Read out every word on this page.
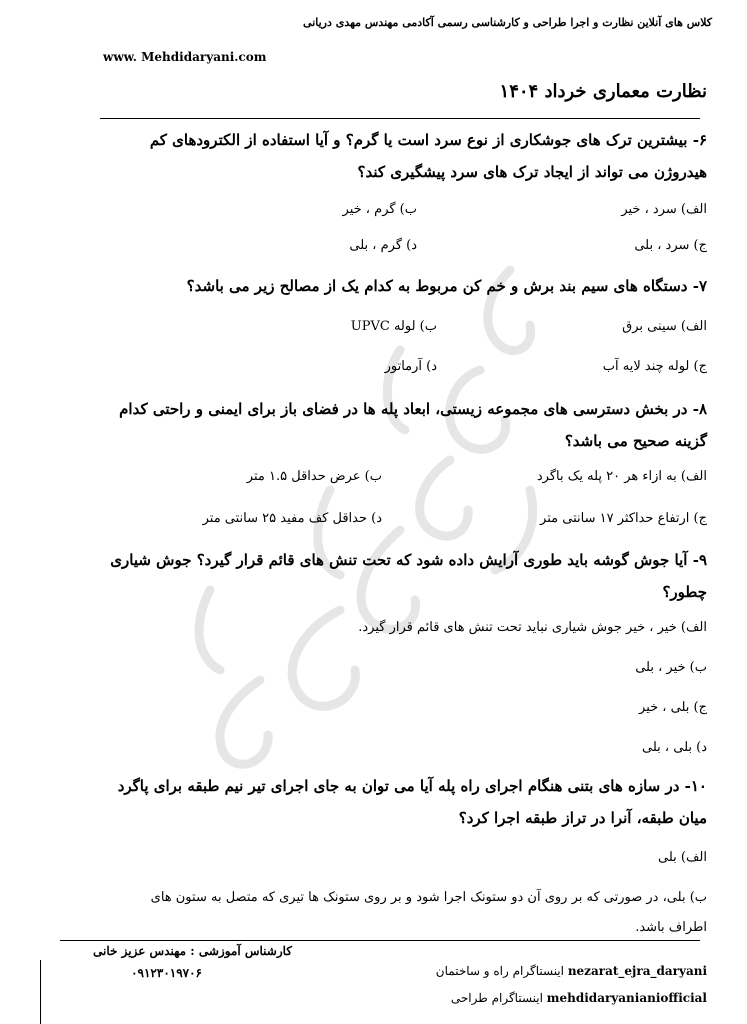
کلاس های آنلاین نظارت و اجرا طراحی و کارشناسی رسمی آکادمی مهندس مهدی دریانی
www. Mehdidaryani.com
نظارت معماری خرداد ۱۴۰۴
۶- بیشترین ترک های جوشکاری از نوع سرد است یا گرم؟ و آیا استفاده از الکترودهای کم
هیدروژن می تواند از ایجاد ترک های سرد پیشگیری کند؟
الف) سرد ، خیر
ب) گرم ، خیر
ج) سرد ، بلی
د) گرم ، بلی
۷- دستگاه های سیم بند برش و خم کن مربوط به کدام یک از مصالح زیر می باشد؟
الف) سینی برق
ب) لوله UPVC
ج) لوله چند لایه آب
د) آرماتور
۸- در بخش دسترسی های مجموعه زیستی، ابعاد پله ها در فضای باز برای ایمنی و راحتی کدام
گزینه صحیح می باشد؟
الف) به ازاء هر ۲۰ پله یک باگرد
ب) عرض حداقل ۱.۵ متر
ج) ارتفاع حداکثر ۱۷ سانتی متر
د) حداقل کف مفید ۲۵ سانتی متر
۹- آیا جوش گوشه باید طوری آرایش داده شود که تحت تنش های قائم قرار گیرد؟ جوش شیاری
چطور؟
الف) خیر ، خیر جوش شیاری نباید تحت تنش های قائم قرار گیرد.
ب) خیر ، بلی
ج) بلی ، خیر
د) بلی ، بلی
۱۰- در سازه های بتنی هنگام اجرای راه پله آیا می توان به جای اجرای تیر نیم طبقه برای پاگرد
میان طبقه، آنرا در تراز طبقه اجرا کرد؟
الف) بلی
ب) بلی، در صورتی که بر روی آن دو ستونک اجرا شود و بر روی ستونک ها تیری که متصل به ستون های
اطراف باشد.
کارشناس آموزشی : مهندس عزیز خانی
۰۹۱۲۳۰۱۹۷۰۶	nezarat_ejra_daryani اینستاگرام راه و ساختمان
mehdidaryanianiofficial اینستاگرام طراحی
